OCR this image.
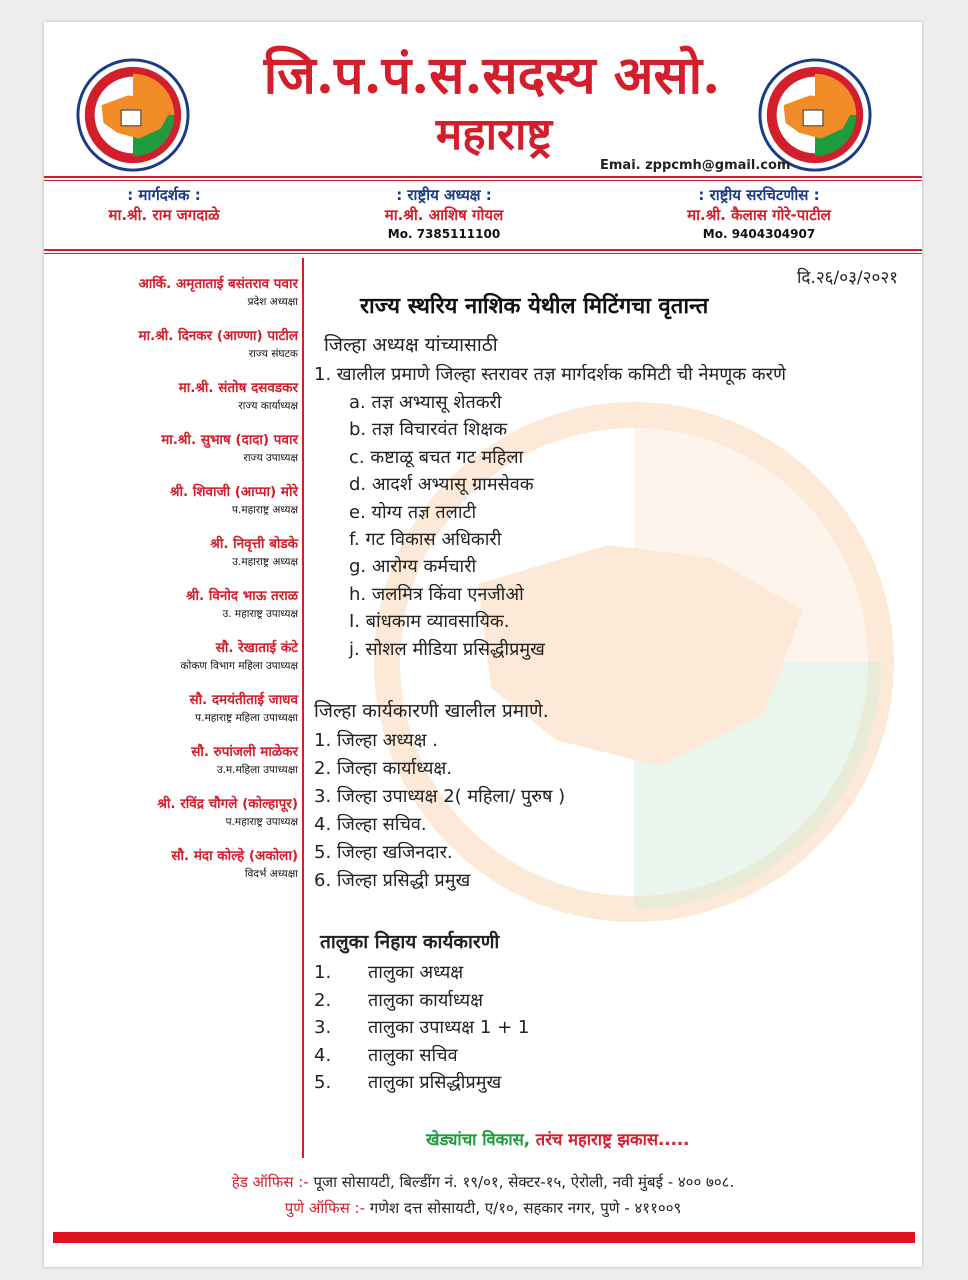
जि.प.पं.स.सदस्य असो.
महाराष्ट्र
Emai. zppcmh@gmail.com
: मार्गदर्शक :
मा.श्री. राम जगदाळे
: राष्ट्रीय अध्यक्ष :
मा.श्री. आशिष गोयल
Mo. 7385111100
: राष्ट्रीय सरचिटणीस :
मा.श्री. कैलास गोरे-पाटील
Mo. 9404304907
आर्कि. अमृताताई बसंतराव पवार
प्रदेश अध्यक्षा
मा.श्री. दिनकर (आण्णा) पाटील
राज्य संघटक
मा.श्री. संतोष दसवडकर
राज्य कार्याध्यक्ष
मा.श्री. सुभाष (दादा) पवार
राज्य उपाध्यक्ष
श्री. शिवाजी (आप्पा) मोरे
प.महाराष्ट्र अध्यक्ष
श्री. निवृत्ती बोडके
उ.महाराष्ट्र अध्यक्ष
श्री. विनोद भाऊ तराळ
उ. महाराष्ट्र उपाध्यक्ष
सौ. रेखाताई कंटे
कोकण विभाग महिला उपाध्यक्ष
सौ. दमयंतीताई जाधव
प.महाराष्ट्र महिला उपाध्यक्षा
सौ. रुपांजली माळेकर
उ.म.महिला उपाध्यक्षा
श्री. रविंद्र चौगले (कोल्हापूर)
प.महाराष्ट्र उपाध्यक्ष
सौ. मंदा कोल्हे (अकोला)
विदर्भ अध्यक्षा
दि.२६/०३/२०२१
राज्य स्थरिय नाशिक येथील मिटिंगचा वृतान्त
जिल्हा अध्यक्ष यांच्यासाठी
1. खालील प्रमाणे जिल्हा स्तरावर तज्ञ मार्गदर्शक कमिटी ची नेमणूक करणे
a. तज्ञ अभ्यासू शेतकरी
b. तज्ञ विचारवंत शिक्षक
c. कष्टाळू बचत गट महिला
d. आदर्श अभ्यासू ग्रामसेवक
e. योग्य तज्ञ तलाटी
f. गट विकास अधिकारी
g. आरोग्य कर्मचारी
h. जलमित्र किंवा एनजीओ
I. बांधकाम व्यावसायिक.
j. सोशल मीडिया प्रसिद्धीप्रमुख
जिल्हा कार्यकारणी खालील प्रमाणे.
1. जिल्हा अध्यक्ष .
2. जिल्हा कार्याध्यक्ष.
3. जिल्हा उपाध्यक्ष 2( महिला/ पुरुष )
4. जिल्हा सचिव.
5. जिल्हा खजिनदार.
6. जिल्हा प्रसिद्धी प्रमुख
तालुका निहाय कार्यकारणी
1. तालुका अध्यक्ष
2. तालुका कार्याध्यक्ष
3. तालुका उपाध्यक्ष 1 + 1
4. तालुका सचिव
5. तालुका प्रसिद्धीप्रमुख
खेड्यांचा विकास, तरंच महाराष्ट्र झकास.....
हेड ऑफिस :- पूजा सोसायटी, बिल्डींग नं. १९/०१, सेक्टर-१५, ऐरोली, नवी मुंबई - ४०० ७०८.
पुणे ऑफिस :- गणेश दत्त सोसायटी, ए/१०, सहकार नगर, पुणे - ४११००९
